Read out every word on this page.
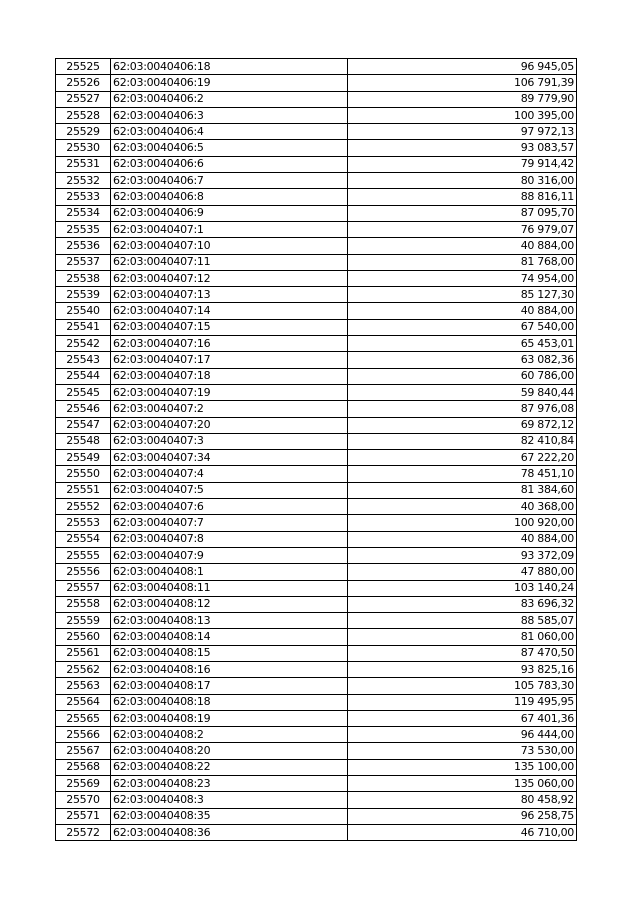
25525	62:03:0040406:18	96 945,05
25526	62:03:0040406:19	106 791,39
25527	62:03:0040406:2	89 779,90
25528	62:03:0040406:3	100 395,00
25529	62:03:0040406:4	97 972,13
25530	62:03:0040406:5	93 083,57
25531	62:03:0040406:6	79 914,42
25532	62:03:0040406:7	80 316,00
25533	62:03:0040406:8	88 816,11
25534	62:03:0040406:9	87 095,70
25535	62:03:0040407:1	76 979,07
25536	62:03:0040407:10	40 884,00
25537	62:03:0040407:11	81 768,00
25538	62:03:0040407:12	74 954,00
25539	62:03:0040407:13	85 127,30
25540	62:03:0040407:14	40 884,00
25541	62:03:0040407:15	67 540,00
25542	62:03:0040407:16	65 453,01
25543	62:03:0040407:17	63 082,36
25544	62:03:0040407:18	60 786,00
25545	62:03:0040407:19	59 840,44
25546	62:03:0040407:2	87 976,08
25547	62:03:0040407:20	69 872,12
25548	62:03:0040407:3	82 410,84
25549	62:03:0040407:34	67 222,20
25550	62:03:0040407:4	78 451,10
25551	62:03:0040407:5	81 384,60
25552	62:03:0040407:6	40 368,00
25553	62:03:0040407:7	100 920,00
25554	62:03:0040407:8	40 884,00
25555	62:03:0040407:9	93 372,09
25556	62:03:0040408:1	47 880,00
25557	62:03:0040408:11	103 140,24
25558	62:03:0040408:12	83 696,32
25559	62:03:0040408:13	88 585,07
25560	62:03:0040408:14	81 060,00
25561	62:03:0040408:15	87 470,50
25562	62:03:0040408:16	93 825,16
25563	62:03:0040408:17	105 783,30
25564	62:03:0040408:18	119 495,95
25565	62:03:0040408:19	67 401,36
25566	62:03:0040408:2	96 444,00
25567	62:03:0040408:20	73 530,00
25568	62:03:0040408:22	135 100,00
25569	62:03:0040408:23	135 060,00
25570	62:03:0040408:3	80 458,92
25571	62:03:0040408:35	96 258,75
25572	62:03:0040408:36	46 710,00
